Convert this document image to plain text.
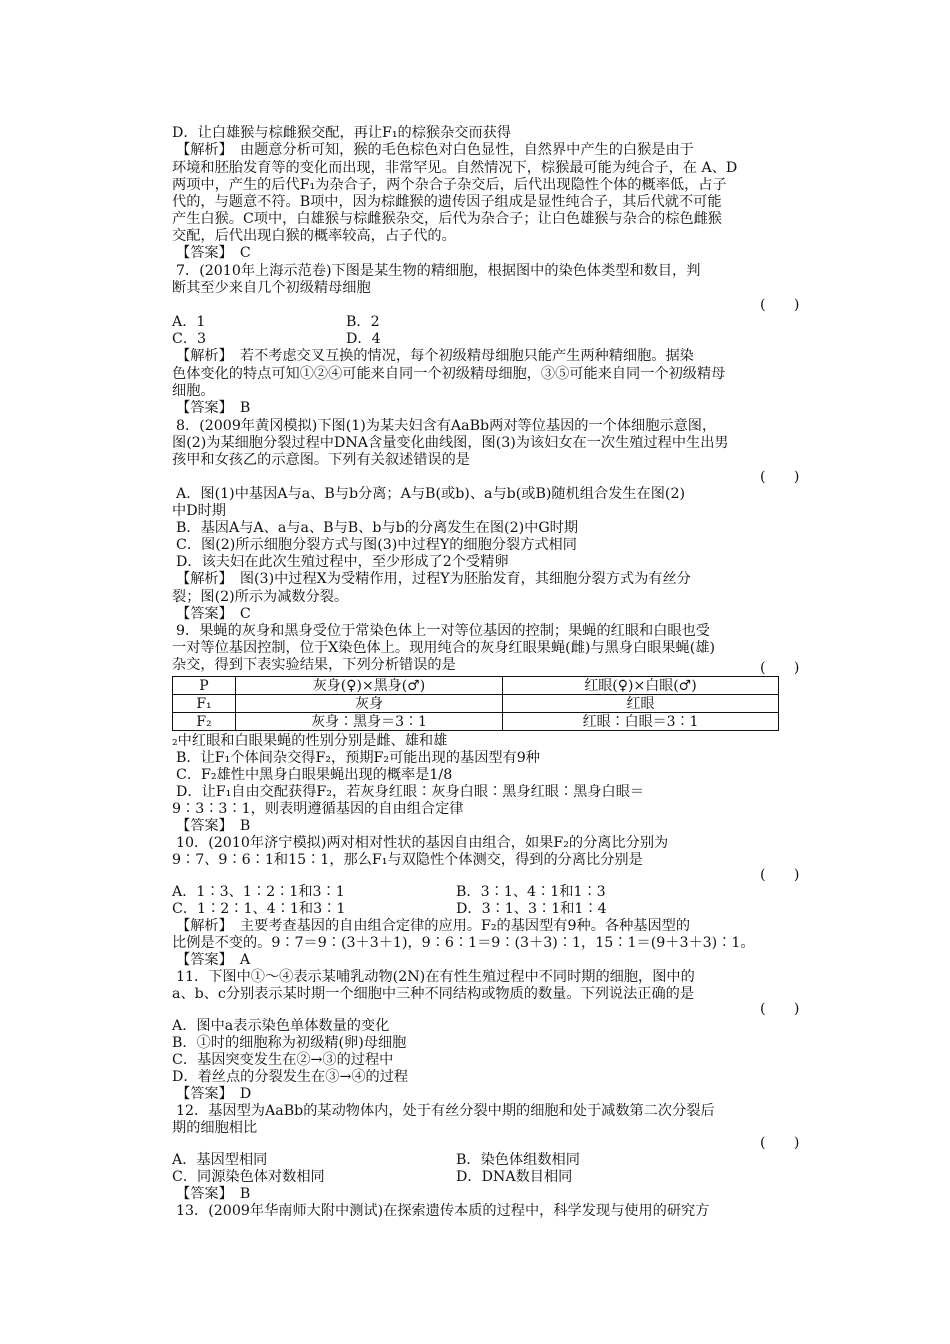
D．让白雄猴与棕雌猴交配，再让F₁的棕猴杂交而获得
【解析】　由题意分析可知，猴的毛色棕色对白色显性，自然界中产生的白猴是由于
环境和胚胎发育等的变化而出现，非常罕见。自然情况下，棕猴最可能为纯合子，在 A、D
两项中，产生的后代F₁为杂合子，两个杂合子杂交后，后代出现隐性个体的概率低，占子
代的，与题意不符。B项中，因为棕雌猴的遗传因子组成是显性纯合子，其后代就不可能
产生白猴。C项中，白雄猴与棕雌猴杂交，后代为杂合子；让白色雄猴与杂合的棕色雌猴
交配，后代出现白猴的概率较高，占子代的。
【答案】　C
7．(2010年上海示范卷)下图是某生物的精细胞，根据图中的染色体类型和数目，判
断其至少来自几个初级精母细胞
(　　)
A．1	B．2
C．3	D．4
【解析】　若不考虑交叉互换的情况，每个初级精母细胞只能产生两种精细胞。据染
色体变化的特点可知①②④可能来自同一个初级精母细胞，③⑤可能来自同一个初级精母
细胞。
【答案】　B
8．(2009年黄冈模拟)下图(1)为某夫妇含有AaBb两对等位基因的一个体细胞示意图，
图(2)为某细胞分裂过程中DNA含量变化曲线图，图(3)为该妇女在一次生殖过程中生出男
孩甲和女孩乙的示意图。下列有关叙述错误的是
(　　)
A．图(1)中基因A与a、B与b分离；A与B(或b)、a与b(或B)随机组合发生在图(2)
中D时期
B．基因A与A、a与a、B与B、b与b的分离发生在图(2)中G时期
C．图(2)所示细胞分裂方式与图(3)中过程Y的细胞分裂方式相同
D．该夫妇在此次生殖过程中，至少形成了2个受精卵
【解析】　图(3)中过程X为受精作用，过程Y为胚胎发育，其细胞分裂方式为有丝分
裂；图(2)所示为减数分裂。
【答案】　C
9．果蝇的灰身和黑身受位于常染色体上一对等位基因的控制；果蝇的红眼和白眼也受
一对等位基因控制，位于X染色体上。现用纯合的灰身红眼果蝇(雌)与黑身白眼果蝇(雄)
杂交，得到下表实验结果，下列分析错误的是	(　　)
P	灰身(♀)×黑身(♂)	红眼(♀)×白眼(♂)
F₁	灰身	红眼
F₂	灰身∶黑身＝3∶1	红眼∶白眼＝3∶1
₂中红眼和白眼果蝇的性别分别是雌、雄和雄
B．让F₁个体间杂交得F₂，预期F₂可能出现的基因型有9种
C．F₂雄性中黑身白眼果蝇出现的概率是1/8
D．让F₁自由交配获得F₂，若灰身红眼∶灰身白眼∶黑身红眼∶黑身白眼＝
9∶3∶3∶1，则表明遵循基因的自由组合定律
【答案】　B
10．(2010年济宁模拟)两对相对性状的基因自由组合，如果F₂的分离比分别为
9∶7、9∶6∶1和15∶1，那么F₁与双隐性个体测交，得到的分离比分别是
(　　)
A．1∶3、1∶2∶1和3∶1	B．3∶1、4∶1和1∶3
C．1∶2∶1、4∶1和3∶1	D．3∶1、3∶1和1∶4
【解析】　主要考查基因的自由组合定律的应用。F₂的基因型有9种。各种基因型的
比例是不变的。9∶7＝9∶(3＋3＋1)，9∶6∶1＝9∶(3＋3)∶1，15∶1＝(9＋3＋3)∶1。
【答案】　A
11．下图中①～④表示某哺乳动物(2N)在有性生殖过程中不同时期的细胞，图中的
a、b、c分别表示某时期一个细胞中三种不同结构或物质的数量。下列说法正确的是
(　　)
A．图中a表示染色单体数量的变化
B．①时的细胞称为初级精(卵)母细胞
C．基因突变发生在②→③的过程中
D．着丝点的分裂发生在③→④的过程
【答案】　D
12．基因型为AaBb的某动物体内，处于有丝分裂中期的细胞和处于减数第二次分裂后
期的细胞相比
(　　)
A．基因型相同	B．染色体组数相同
C．同源染色体对数相同	D．DNA数目相同
【答案】　B
13．(2009年华南师大附中测试)在探索遗传本质的过程中，科学发现与使用的研究方
